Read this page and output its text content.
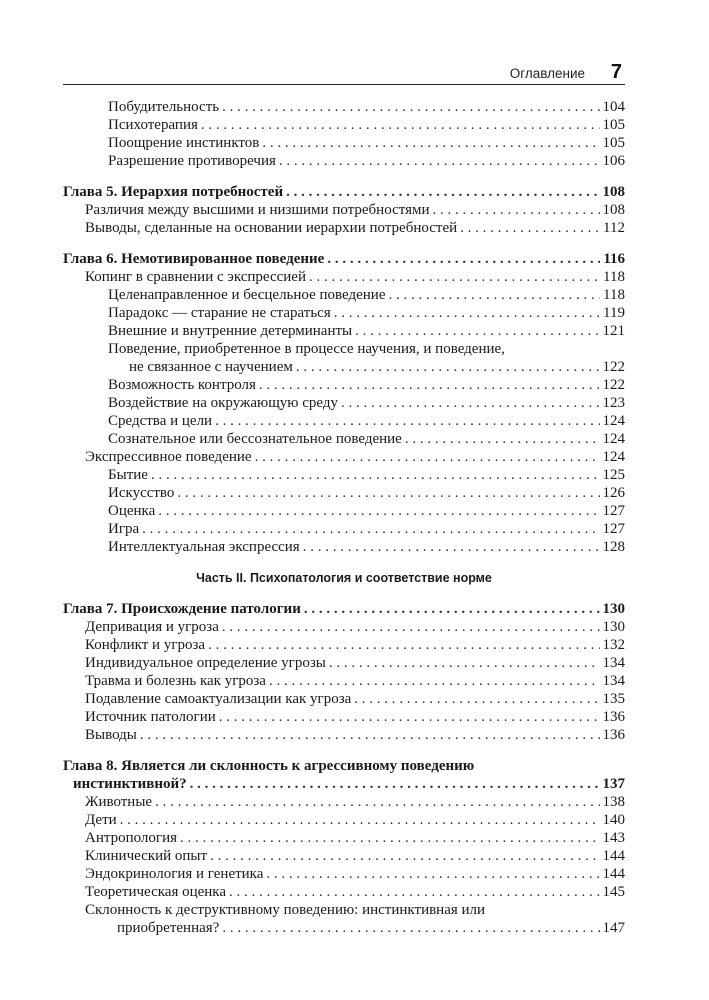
Оглавление 7
Побудительность . . .	104
Психотерапия . . .	105
Поощрение инстинктов . . .	105
Разрешение противоречия . . .	106
Глава 5. Иерархия потребностей . . .	108
Различия между высшими и низшими потребностями . . .	108
Выводы, сделанные на основании иерархии потребностей . . .	112
Глава 6. Немотивированное поведение . . .	116
Копинг в сравнении с экспрессией . . .	118
Целенаправленное и бесцельное поведение . . .	118
Парадокс — старание не стараться . . .	119
Внешние и внутренние детерминанты . . .	121
Поведение, приобретенное в процессе научения, и поведение,
не связанное с научением . . .	122
Возможность контроля . . .	122
Воздействие на окружающую среду . . .	123
Средства и цели . . .	124
Сознательное или бессознательное поведение . . .	124
Экспрессивное поведение . . .	124
Бытие . . .	125
Искусство . . .	126
Оценка . . .	127
Игра . . .	127
Интеллектуальная экспрессия . . .	128
Часть II. Психопатология и соответствие норме
Глава 7. Происхождение патологии . . .	130
Депривация и угроза . . .	130
Конфликт и угроза . . .	132
Индивидуальное определение угрозы . . .	134
Травма и болезнь как угроза . . .	134
Подавление самоактуализации как угроза . . .	135
Источник патологии . . .	136
Выводы . . .	136
Глава 8. Является ли склонность к агрессивному поведению
инстинктивной? . . .	137
Животные . . .	138
Дети . . .	140
Антропология . . .	143
Клинический опыт . . .	144
Эндокринология и генетика . . .	144
Теоретическая оценка . . .	145
Склонность к деструктивному поведению: инстинктивная или
приобретенная? . . .	147
